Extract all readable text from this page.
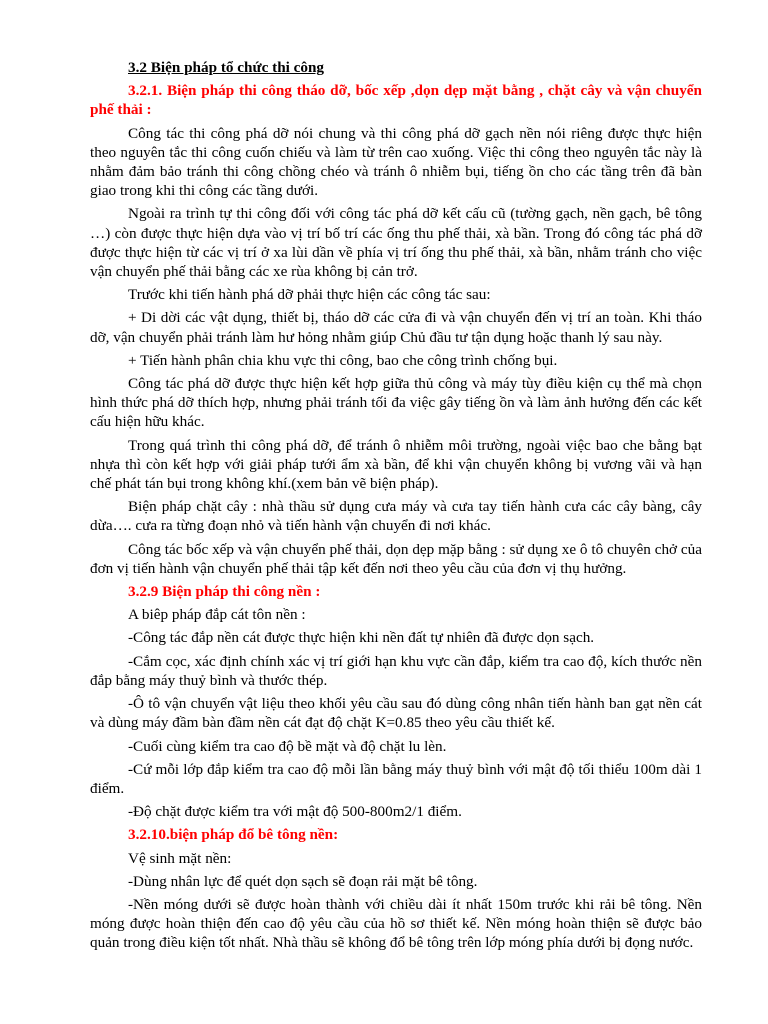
3.2 Biện pháp tổ chức thi công

3.2.1. Biện pháp thi công tháo dỡ, bốc xếp ,dọn dẹp mặt bằng , chặt cây và vận chuyển phế thải :

Công tác thi công phá dỡ nói chung và thi công phá dỡ gạch nền nói riêng được thực hiện theo nguyên tắc thi công cuốn chiếu và làm từ trên cao xuống. Việc thi công theo nguyên tắc này là nhằm đảm bảo tránh thi công chồng chéo và tránh ô nhiễm bụi, tiếng ồn cho các tầng trên đã bàn giao trong khi thi công các tầng dưới.

Ngoài ra trình tự thi công đối với công tác phá dỡ kết cấu cũ (tường gạch, nền gạch, bê tông …) còn được thực hiện dựa vào vị trí bố trí các ống thu phế thải, xà bần. Trong đó công tác phá dỡ được thực hiện từ các vị trí ở xa lùi dần về phía vị trí ống thu phế thải, xà bần, nhằm tránh cho việc vận chuyển phế thải bằng các xe rùa không bị cản trở.

Trước khi tiến hành phá dỡ phải thực hiện các công tác sau:

+ Di dời các vật dụng, thiết bị, tháo dỡ các cửa đi và vận chuyển đến vị trí an toàn. Khi tháo dỡ, vận chuyển phải tránh làm hư hỏng nhằm giúp Chủ đầu tư tận dụng hoặc thanh lý sau này.

+ Tiến hành phân chia khu vực thi công, bao che công trình chống bụi.

Công tác phá dỡ được thực hiện kết hợp giữa thủ công và máy tùy điều kiện cụ thể mà chọn hình thức phá dỡ thích hợp, nhưng phải tránh tối đa việc gây tiếng ồn và làm ảnh hưởng đến các kết cấu hiện hữu khác.

Trong quá trình thi công phá dỡ, để tránh ô nhiễm môi trường, ngoài việc bao che bằng bạt nhựa thì còn kết hợp với giải pháp tưới ẩm xà bần, để khi vận chuyển không bị vương vãi và hạn chế phát tán bụi trong không khí.(xem bản vẽ biện pháp).

Biện pháp chặt cây : nhà thầu sử dụng cưa máy và cưa tay tiến hành cưa các cây bàng, cây dừa…. cưa ra từng đoạn nhỏ và tiến hành vận chuyển đi nơi khác.

Công tác bốc xếp và vận chuyển phế thải, dọn dẹp mặp bằng : sử dụng xe ô tô chuyên chở của đơn vị tiến hành vận chuyển phế thải tập kết đến nơi theo yêu cầu của đơn vị thụ hưởng.

3.2.9 Biện pháp thi công nền :

A biêp pháp đắp cát tôn nền :

-Công tác đắp nền cát được thực hiện khi nền đất tự nhiên đã được dọn sạch.

-Cắm cọc, xác định chính xác vị trí giới hạn khu vực cần đắp, kiểm tra cao độ, kích thước nền đắp bằng máy thuỷ bình và thước thép.

-Ô tô vận chuyển vật liệu theo khối yêu cầu sau đó dùng công nhân tiến hành ban gạt nền cát và dùng máy đầm bàn đầm nền cát đạt độ chặt K=0.85 theo yêu cầu thiết kế.

-Cuối cùng kiểm tra cao độ bề mặt và độ chặt lu lèn.

-Cứ mỗi lớp đắp kiểm tra cao độ mỗi lần bằng máy thuỷ bình với mật độ tối thiểu 100m dài 1 điểm.

-Độ chặt được kiểm tra với mật độ 500-800m2/1 điểm.

3.2.10.biện pháp đổ bê tông nền:

Vệ sinh mặt nền:

-Dùng nhân lực để quét dọn sạch sẽ đoạn rải mặt bê tông.

-Nền móng dưới sẽ được hoàn thành với chiều dài ít nhất 150m trước khi rải bê tông. Nền móng được hoàn thiện đến cao độ yêu cầu của hồ sơ thiết kế. Nền móng hoàn thiện sẽ được bảo quản trong điều kiện tốt nhất. Nhà thầu sẽ không đổ bê tông trên lớp móng phía dưới bị đọng nước.
